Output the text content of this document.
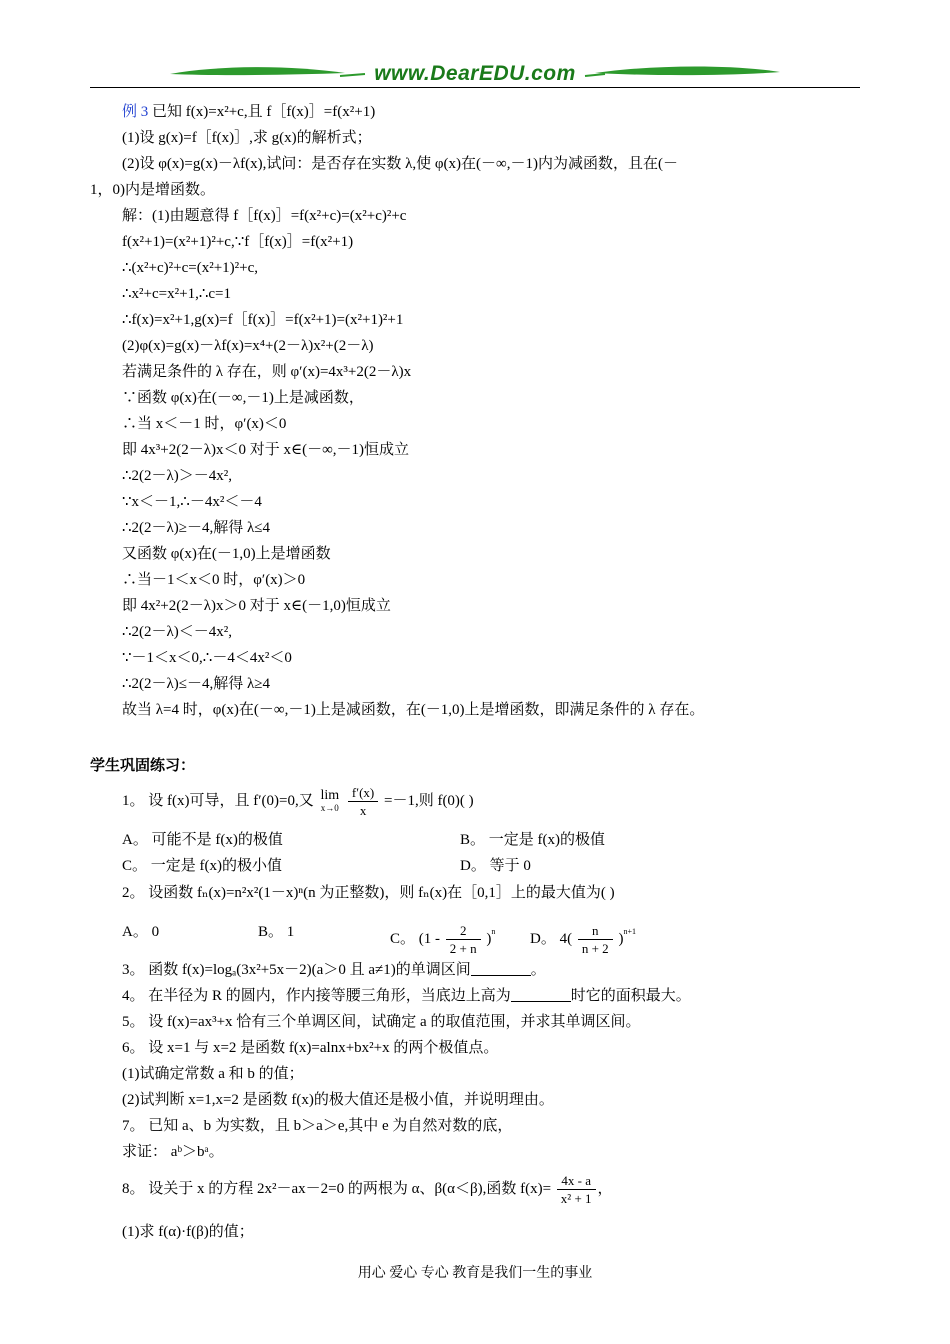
www.DearEDU.com
例 3 已知 f(x)=x²+c,且 f［f(x)］=f(x²+1)
(1)设 g(x)=f［f(x)］,求 g(x)的解析式；
(2)设 φ(x)=g(x)－λf(x),试问：是否存在实数 λ,使 φ(x)在(－∞,－1)内为减函数，且在(－
1，0)内是增函数。
解：(1)由题意得 f［f(x)］=f(x²+c)=(x²+c)²+c
f(x²+1)=(x²+1)²+c,∵f［f(x)］=f(x²+1)
∴(x²+c)²+c=(x²+1)²+c,
∴x²+c=x²+1,∴c=1
∴f(x)=x²+1,g(x)=f［f(x)］=f(x²+1)=(x²+1)²+1
(2)φ(x)=g(x)－λf(x)=x⁴+(2－λ)x²+(2－λ)
若满足条件的 λ 存在，则 φ′(x)=4x³+2(2－λ)x
∵函数 φ(x)在(－∞,－1)上是减函数，
∴当 x＜－1 时，φ′(x)＜0
即 4x³+2(2－λ)x＜0 对于 x∈(－∞,－1)恒成立
∴2(2－λ)＞－4x²,
∵x＜－1,∴－4x²＜－4
∴2(2－λ)≥－4,解得 λ≤4
又函数 φ(x)在(－1,0)上是增函数
∴当－1＜x＜0 时，φ′(x)＞0
即 4x²+2(2－λ)x＞0 对于 x∈(－1,0)恒成立
∴2(2－λ)＜－4x²,
∵－1＜x＜0,∴－4＜4x²＜0
∴2(2－λ)≤－4,解得 λ≥4
故当 λ=4 时，φ(x)在(－∞,－1)上是减函数，在(－1,0)上是增函数，即满足条件的 λ 存在。
学生巩固练习：
1。 设 f(x)可导，且 f′(0)=0,又 lim
x→0
$\frac{f'(x)}{x} =-1$,则 f(0)( )
A。 可能不是 f(x)的极值	B。 一定是 f(x)的极值
C。 一定是 f(x)的极小值	D。 等于 0
2。 设函数 fₙ(x)=n²x²(1－x)ⁿ(n 为正整数)，则 fₙ(x)在［0,1］上的最大值为( )
A。 0	B。 1	C。 $(1 - \frac{2}{2 + n} )^n$ D。 $4( \frac{n}{n + 2} )^{n+1}$
3。 函数 f(x)=logₐ(3x²+5x－2)(a＞0 且 a≠1)的单调区间	。
4。 在半径为 R 的圆内，作内接等腰三角形，当底边上高为	时它的面积最大。
5。 设 f(x)=ax³+x 恰有三个单调区间，试确定 a 的取值范围，并求其单调区间。
6。 设 x=1 与 x=2 是函数 f(x)=alnx+bx²+x 的两个极值点。
(1)试确定常数 a 和 b 的值；
(2)试判断 x=1,x=2 是函数 f(x)的极大值还是极小值，并说明理由。
7。 已知 a、b 为实数，且 b＞a＞e,其中 e 为自然对数的底，
求证： aᵇ＞bᵃ。
8。 设关于 x 的方程 2x²－ax－2=0 的两根为 α、β(α＜β),函数 $f(x)= \frac{4x - a}{\text{x² + 1}}$ ，
(1)求 f(α)·f(β)的值；
用心 爱心 专心 教育是我们一生的事业
